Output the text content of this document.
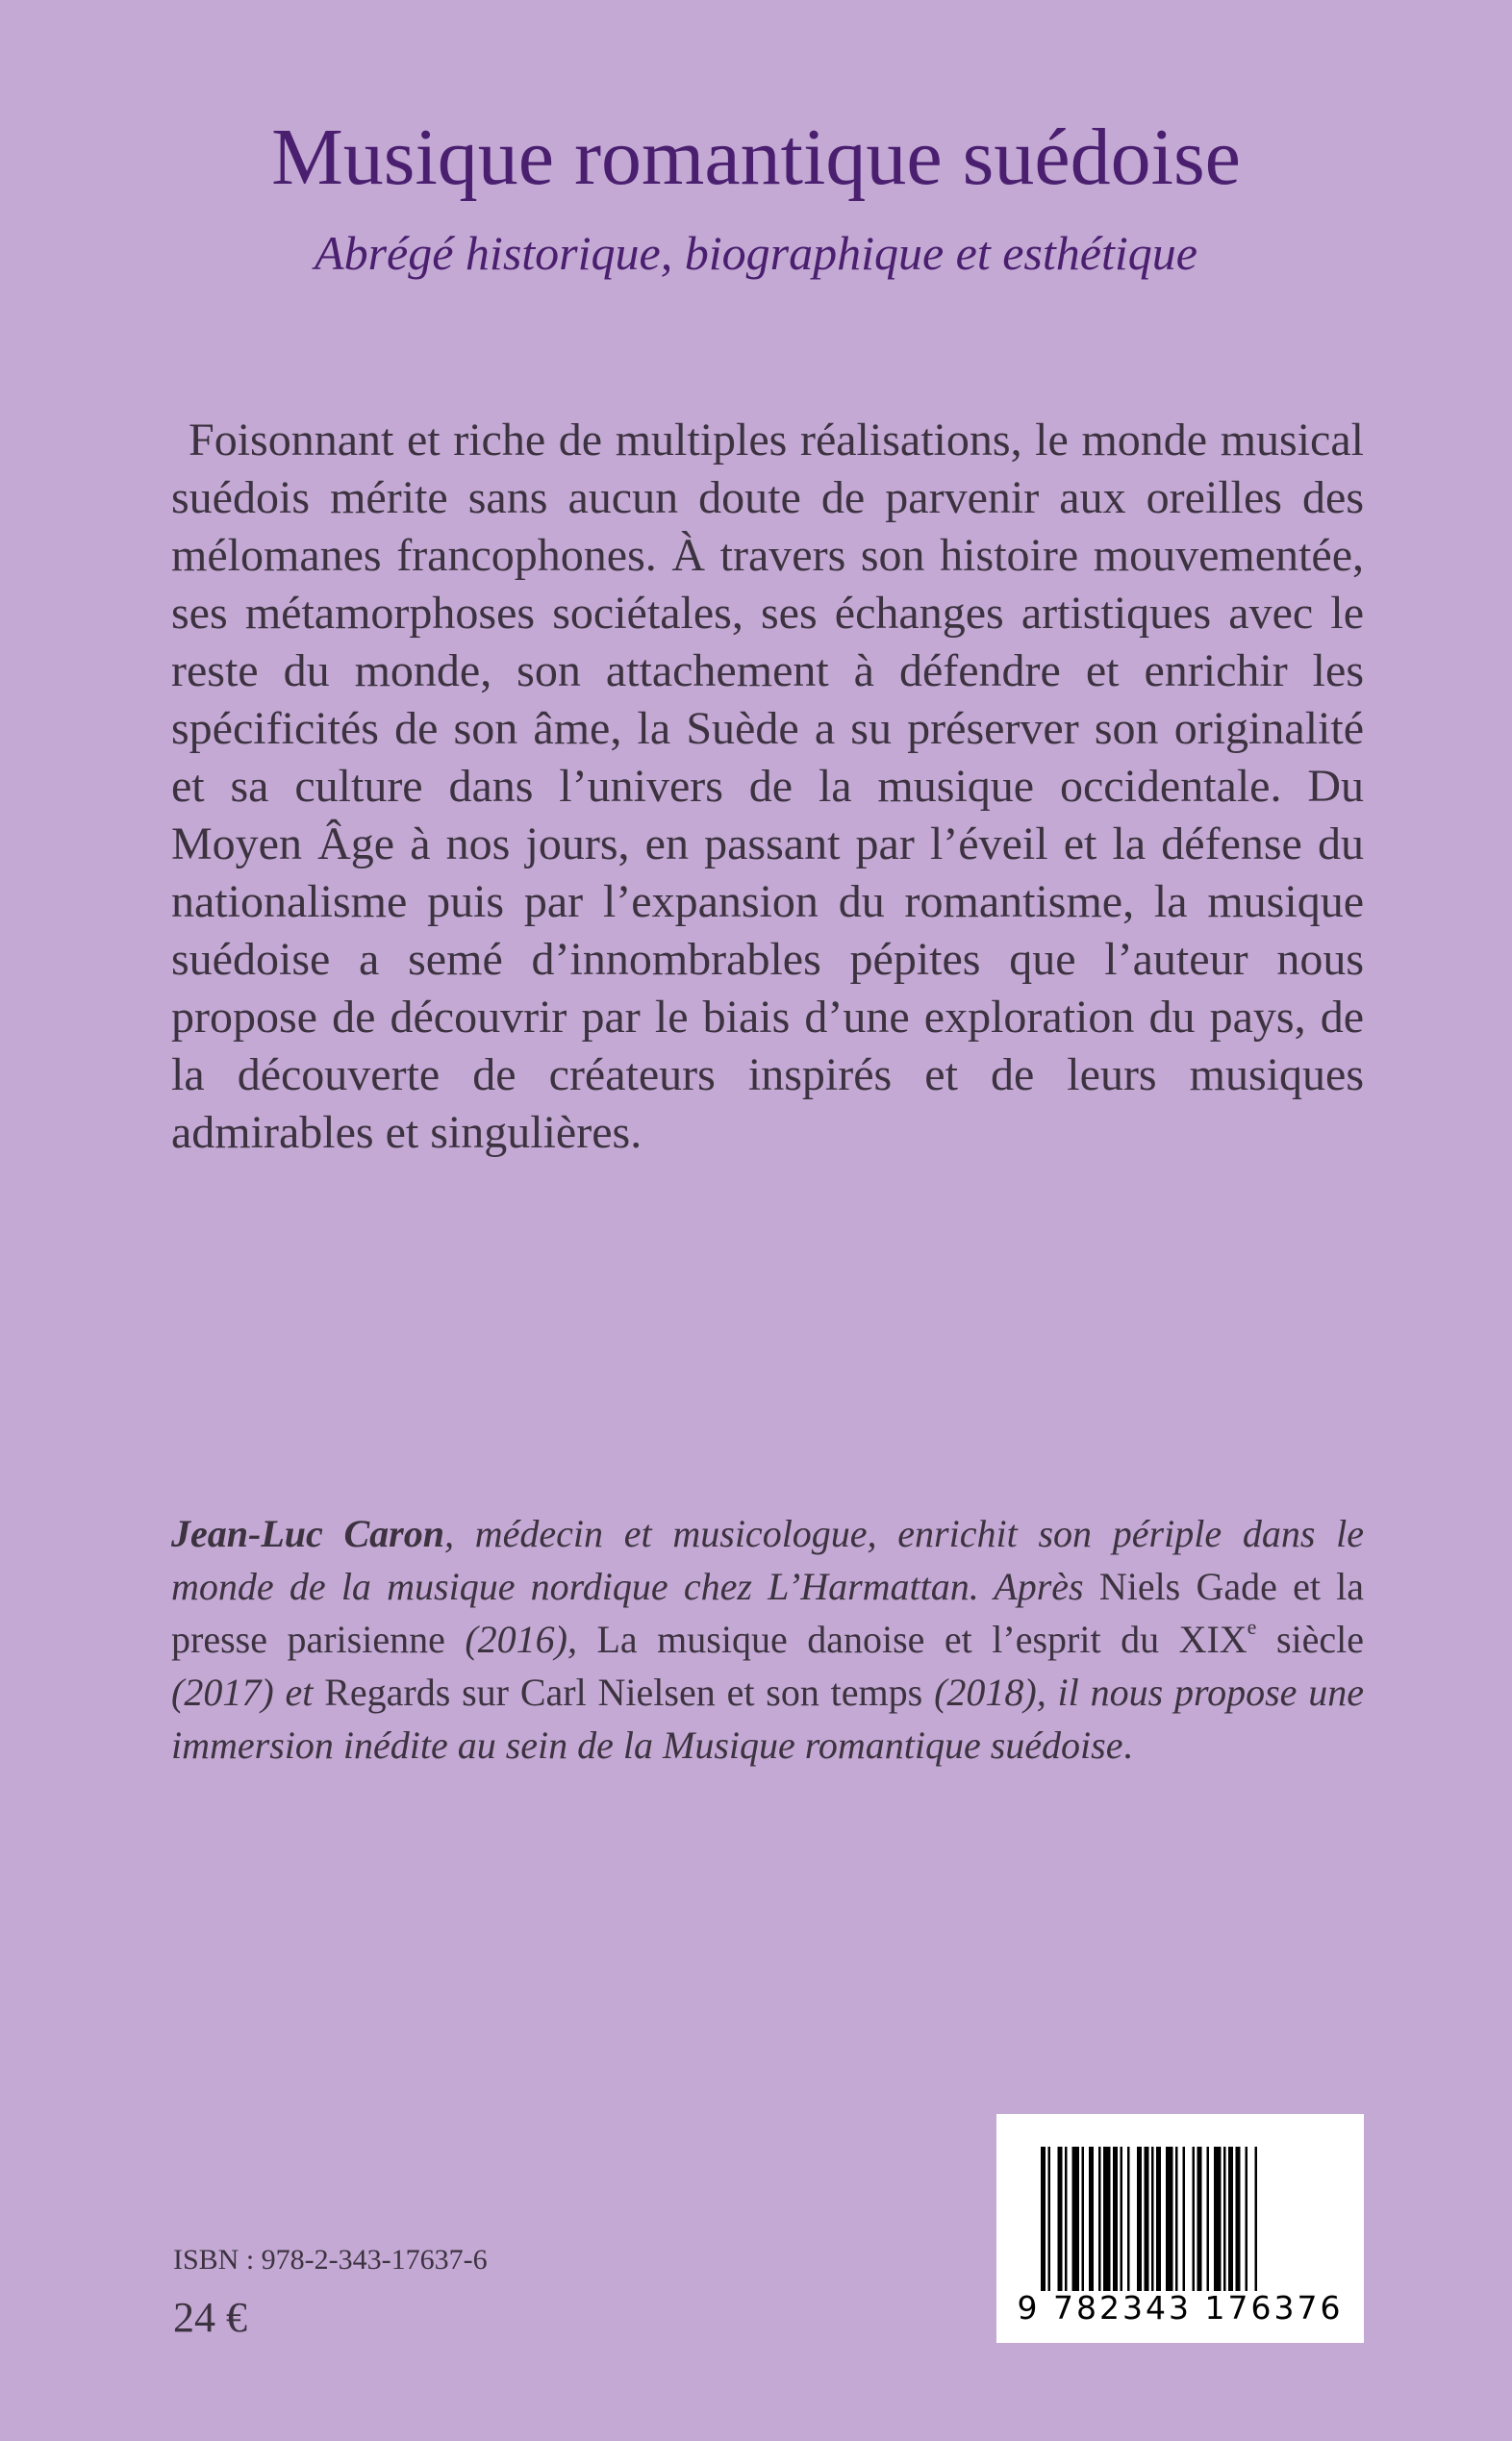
Musique romantique suédoise

Abrégé historique, biographique et esthétique

Foisonnant et riche de multiples réalisations, le monde musical suédois mérite sans aucun doute de parvenir aux oreilles des mélomanes francophones. À travers son histoire mouvementée, ses métamorphoses sociétales, ses échanges artistiques avec le reste du monde, son attachement à défendre et enrichir les spécificités de son âme, la Suède a su préserver son originalité et sa culture dans l’univers de la musique occidentale. Du Moyen Âge à nos jours, en passant par l’éveil et la défense du nationalisme puis par l’expansion du romantisme, la musique suédoise a semé d’innombrables pépites que l’auteur nous propose de découvrir par le biais d’une exploration du pays, de la découverte de créateurs inspirés et de leurs musiques admirables et singulières.

Jean-Luc Caron, médecin et musicologue, enrichit son périple dans le monde de la musique nordique chez L’Harmattan. Après Niels Gade et la presse parisienne (2016), La musique danoise et l’esprit du XIXe siècle (2017) et Regards sur Carl Nielsen et son temps (2018), il nous propose une immersion inédite au sein de la Musique romantique suédoise.

ISBN : 978-2-343-17637-6
24 €	9 782343 176376
